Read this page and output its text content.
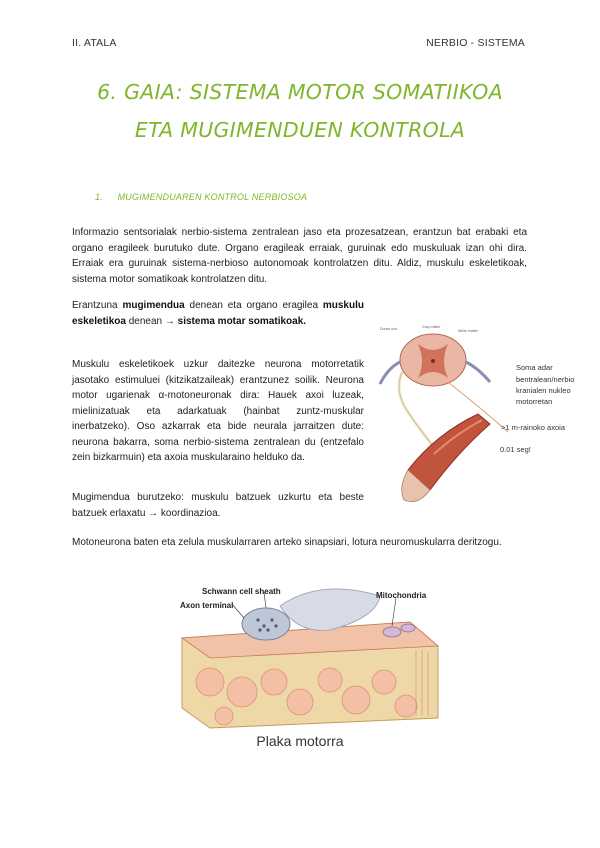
II. ATALA	NERBIO - SISTEMA
6. GAIA: SISTEMA MOTOR SOMATIIKOA
ETA MUGIMENDUEN KONTROLA
1. MUGIMENDUAREN KONTROL NERBIOSOA
Informazio sentsorialak nerbio-sistema zentralean jaso eta prozesatzean, erantzun bat erabaki eta organo eragileek burutuko dute. Organo eragileak erraiak, guruinak edo muskuluak izan ohi dira. Erraiak era guruinak sistema-nerbioso autonomoak kontrolatzen ditu. Aldiz, muskulu eskeletikoak, sistema motor somatikoak kontrolatzen ditu.
Erantzuna mugimendua denean eta organo eragilea muskulu eskeletikoa denean → sistema motar somatikoak.
Muskulu eskeletikoek uzkur daitezke neurona motorretatik jasotako estimuluei (kitzikatzaileak) erantzunez soilik. Neurona motor ugarienak α-motoneuronak dira: Hauek axoi luzeak, mielinizatuak eta adarkatuak (hainbat zuntz-muskular inerbatzeko). Oso azkarrak eta bide neurala jarraitzen dute: neurona bakarra, soma nerbio-sistema zentralean du (entzefalo zein bizkarmuin) eta axoia muskularaino helduko da.
Mugimendua burutzeko: muskulu batzuek uzkurtu eta beste batzuek erlaxatu → koordinazioa.
Motoneurona baten eta zelula muskularraren arteko sinapsiari, lotura neuromuskularra deritzogu.
Dorsal root	Gray matter
White matter
Soma adar
bentralean/nerbio
kranialen nukleo
motorretan
>1 m-rainoko axoia
0.01 seg!
Schwann cell sheath
Axon terminal
Mitochondria
Plaka motorra
